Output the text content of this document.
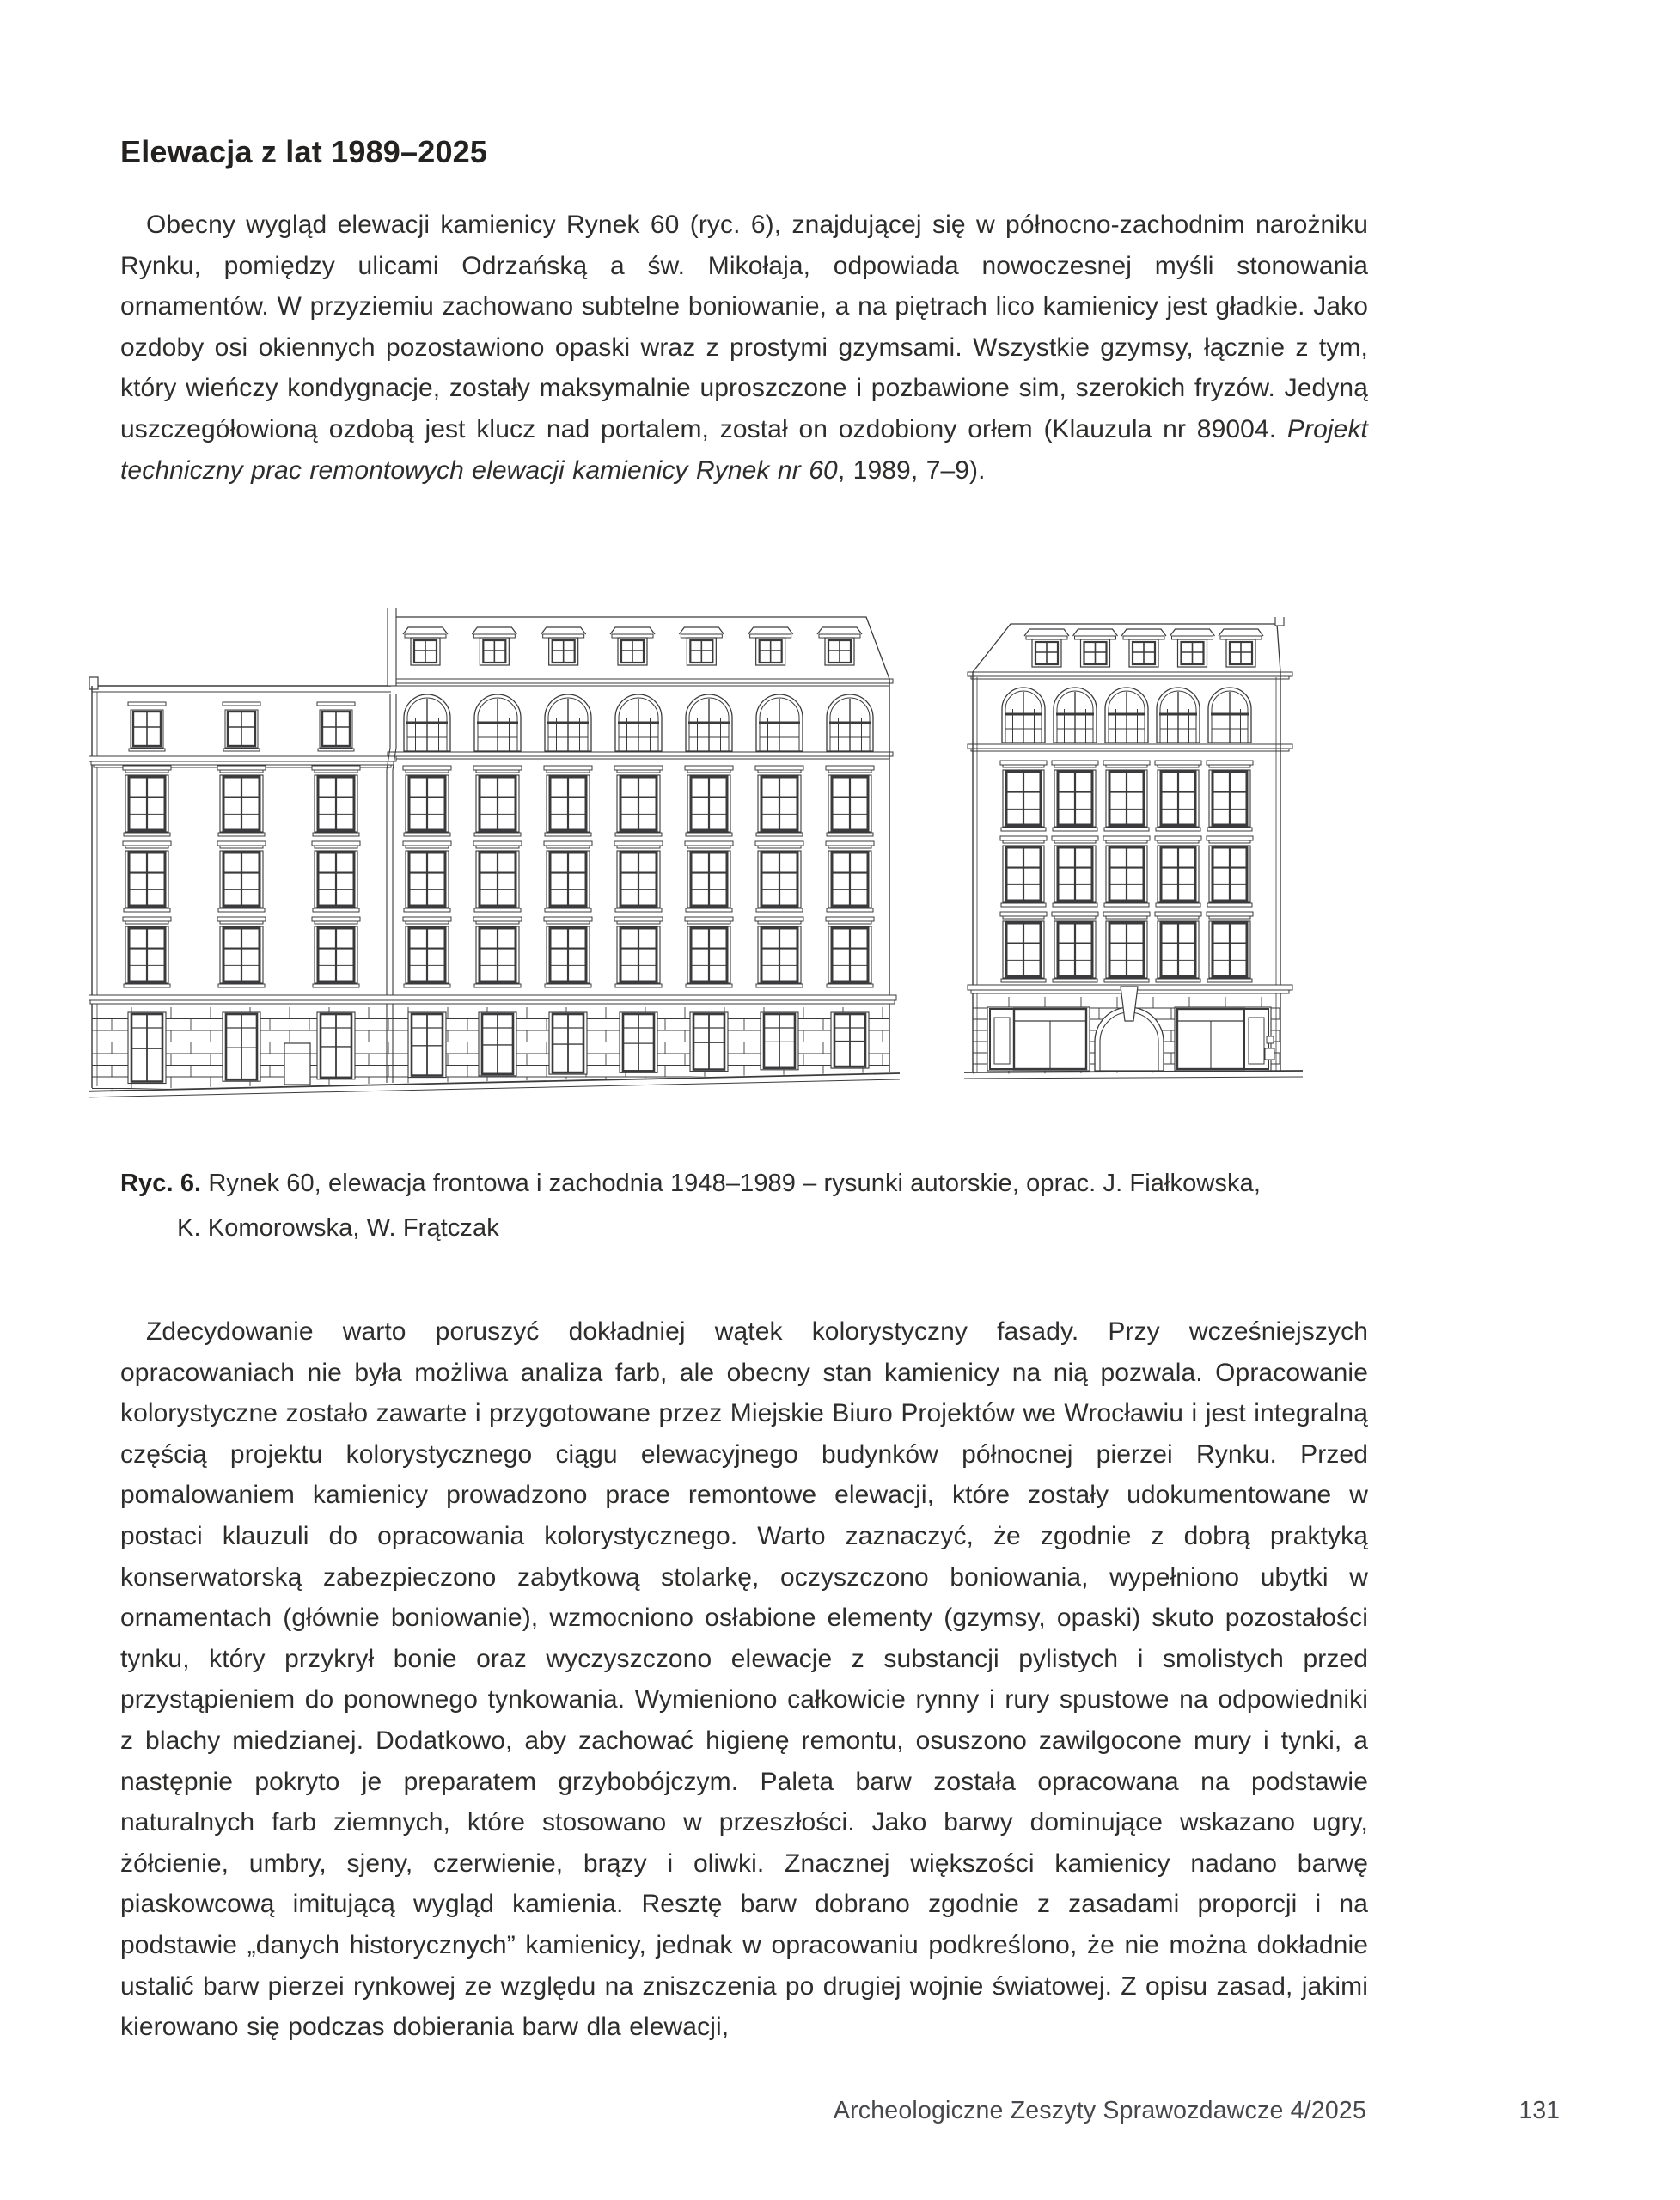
Elewacja z lat 1989–2025

Obecny wygląd elewacji kamienicy Rynek 60 (ryc. 6), znajdującej się w północno-zachodnim narożniku Rynku, pomiędzy ulicami Odrzańską a św. Mikołaja, odpowiada nowoczesnej myśli stonowania ornamentów. W przyziemiu zachowano subtelne boniowanie, a na piętrach lico kamienicy jest gładkie. Jako ozdoby osi okiennych pozostawiono opaski wraz z prostymi gzymsami. Wszystkie gzymsy, łącznie z tym, który wieńczy kondygnacje, zostały maksymalnie uproszczone i pozbawione sim, szerokich fryzów. Jedyną uszczegółowioną ozdobą jest klucz nad portalem, został on ozdobiony orłem (Klauzula nr 89004. Projekt techniczny prac remontowych elewacji kamienicy Rynek nr 60, 1989, 7–9).

Ryc. 6. Rynek 60, elewacja frontowa i zachodnia 1948–1989 – rysunki autorskie, oprac. J. Fiałkowska,
K. Komorowska, W. Frątczak

Zdecydowanie warto poruszyć dokładniej wątek kolorystyczny fasady. Przy wcześniejszych opracowaniach nie była możliwa analiza farb, ale obecny stan kamienicy na nią pozwala. Opracowanie kolorystyczne zostało zawarte i przygotowane przez Miejskie Biuro Projektów we Wrocławiu i jest integralną częścią projektu kolorystycznego ciągu elewacyjnego budynków północnej pierzei Rynku. Przed pomalowaniem kamienicy prowadzono prace remontowe elewacji, które zostały udokumentowane w postaci klauzuli do opracowania kolorystycznego. Warto zaznaczyć, że zgodnie z dobrą praktyką konserwatorską zabezpieczono zabytkową stolarkę, oczyszczono boniowania, wypełniono ubytki w ornamentach (głównie boniowanie), wzmocniono osłabione elementy (gzymsy, opaski) skuto pozostałości tynku, który przykrył bonie oraz wyczyszczono elewacje z substancji pylistych i smolistych przed przystąpieniem do ponownego tynkowania. Wymieniono całkowicie rynny i rury spustowe na odpowiedniki z blachy miedzianej. Dodatkowo, aby zachować higienę remontu, osuszono zawilgocone mury i tynki, a następnie pokryto je preparatem grzybobójczym. Paleta barw została opracowana na podstawie naturalnych farb ziemnych, które stosowano w przeszłości. Jako barwy dominujące wskazano ugry, żółcienie, umbry, sjeny, czerwienie, brązy i oliwki. Znacznej większości kamienicy nadano barwę piaskowcową imitującą wygląd kamienia. Resztę barw dobrano zgodnie z zasadami proporcji i na podstawie „danych historycznych” kamienicy, jednak w opracowaniu podkreślono, że nie można dokładnie ustalić barw pierzei rynkowej ze względu na zniszczenia po drugiej wojnie światowej. Z opisu zasad, jakimi kierowano się podczas dobierania barw dla elewacji,

Archeologiczne Zeszyty Sprawozdawcze 4/2025	131
